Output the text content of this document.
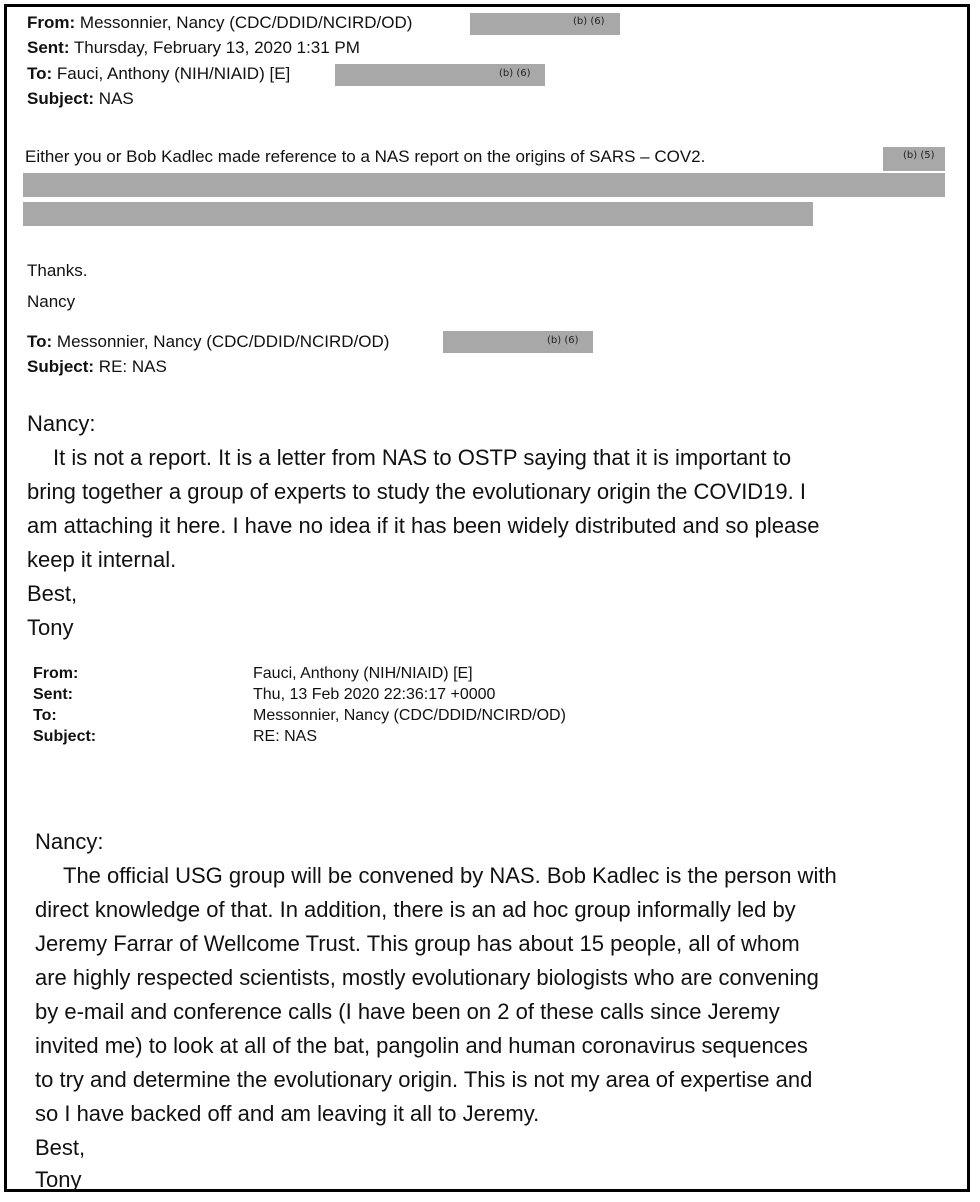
From: Messonnier, Nancy (CDC/DDID/NCIRD/OD)	(b) (6)
Sent: Thursday, February 13, 2020 1:31 PM
To: Fauci, Anthony (NIH/NIAID) [E]	(b) (6)
Subject: NAS
Either you or Bob Kadlec made reference to a NAS report on the origins of SARS – COV2.	(b) (5)
Thanks.
Nancy
To: Messonnier, Nancy (CDC/DDID/NCIRD/OD)	(b) (6)
Subject: RE: NAS
Nancy:
It is not a report. It is a letter from NAS to OSTP saying that it is important to
bring together a group of experts to study the evolutionary origin the COVID19. I
am attaching it here. I have no idea if it has been widely distributed and so please
keep it internal.
Best,
Tony
From:	Fauci, Anthony (NIH/NIAID) [E]
Sent:	Thu, 13 Feb 2020 22:36:17 +0000
To:	Messonnier, Nancy (CDC/DDID/NCIRD/OD)
Subject:	RE: NAS
Nancy:
The official USG group will be convened by NAS. Bob Kadlec is the person with
direct knowledge of that. In addition, there is an ad hoc group informally led by
Jeremy Farrar of Wellcome Trust. This group has about 15 people, all of whom
are highly respected scientists, mostly evolutionary biologists who are convening
by e-mail and conference calls (I have been on 2 of these calls since Jeremy
invited me) to look at all of the bat, pangolin and human coronavirus sequences
to try and determine the evolutionary origin. This is not my area of expertise and
so I have backed off and am leaving it all to Jeremy.
Best,
Tony
